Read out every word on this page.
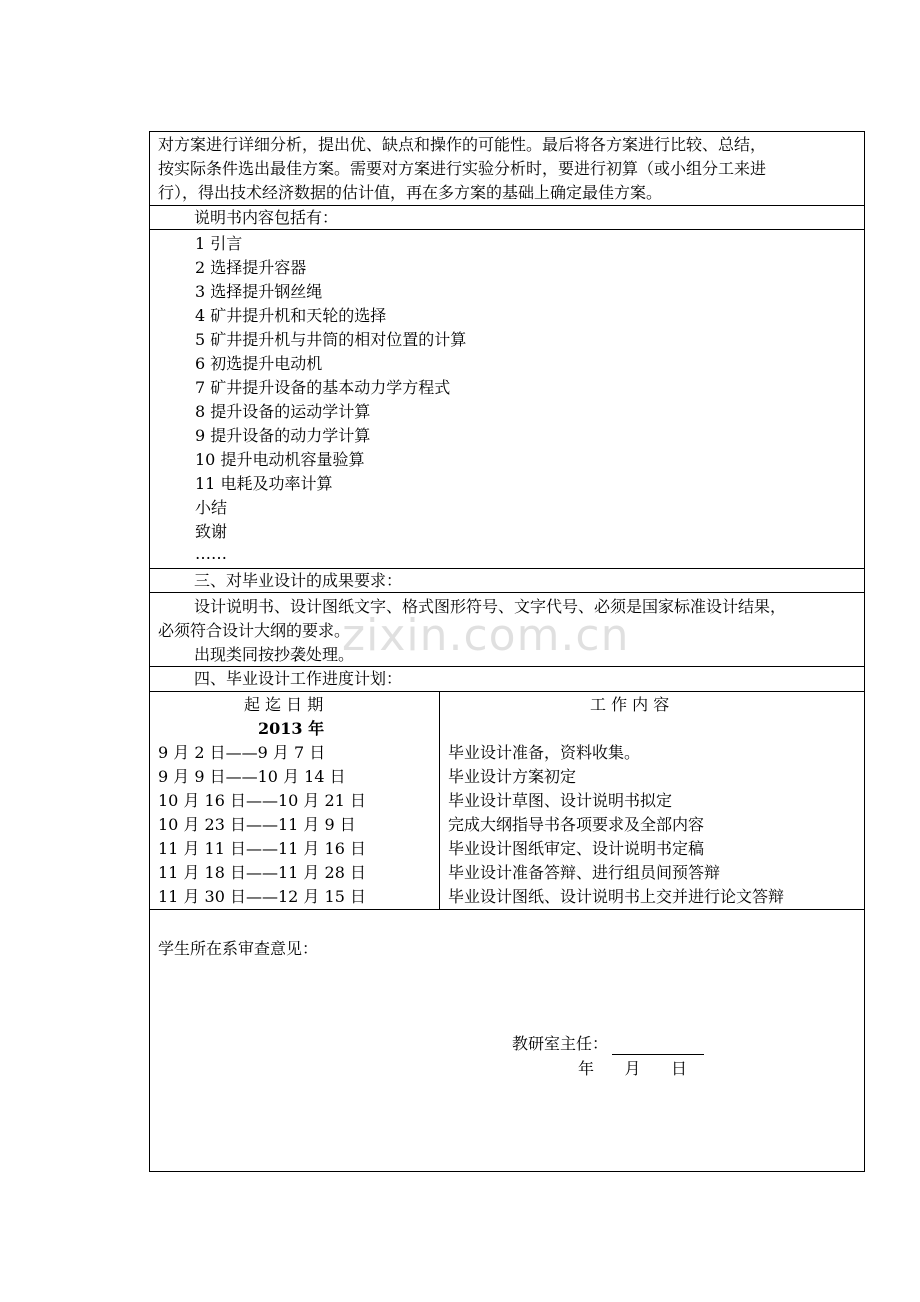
对方案进行详细分析，提出优、缺点和操作的可能性。最后将各方案进行比较、总结，
按实际条件选出最佳方案。需要对方案进行实验分析时，要进行初算（或小组分工来进
行），得出技术经济数据的估计值，再在多方案的基础上确定最佳方案。
说明书内容包括有：
1 引言
2 选择提升容器
3 选择提升钢丝绳
4 矿井提升机和天轮的选择
5 矿井提升机与井筒的相对位置的计算
6 初选提升电动机
7 矿井提升设备的基本动力学方程式
8 提升设备的运动学计算
9 提升设备的动力学计算
10 提升电动机容量验算
11 电耗及功率计算
小结
致谢
……
三、对毕业设计的成果要求：
设计说明书、设计图纸文字、格式图形符号、文字代号、必须是国家标准设计结果，
必须符合设计大纲的要求。
出现类同按抄袭处理。
四、毕业设计工作进度计划：
起 迄 日 期	工 作 内 容
2013 年
9 月 2 日——9 月 7 日	毕业设计准备，资料收集。
9 月 9 日——10 月 14 日	毕业设计方案初定
10 月 16 日——10 月 21 日	毕业设计草图、设计说明书拟定
10 月 23 日——11 月 9 日	完成大纲指导书各项要求及全部内容
11 月 11 日——11 月 16 日	毕业设计图纸审定、设计说明书定稿
11 月 18 日——11 月 28 日	毕业设计准备答辩、进行组员间预答辩
11 月 30 日——12 月 15 日	毕业设计图纸、设计说明书上交并进行论文答辩
学生所在系审查意见：
教研室主任：
年      月      日
zixin.com.cn
